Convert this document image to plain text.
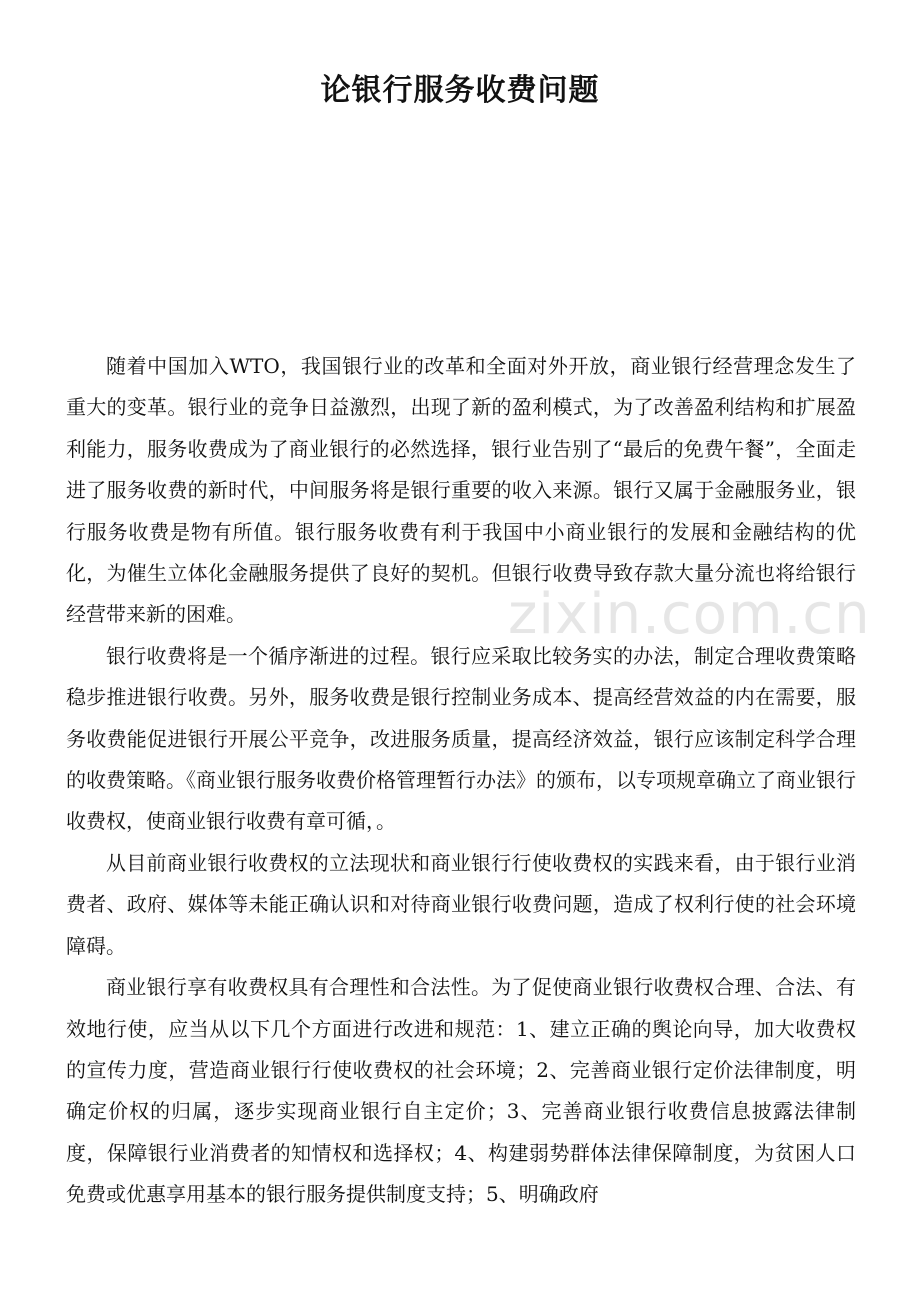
论银行服务收费问题
zixin.com.cn

随着中国加入WTO，我国银行业的改革和全面对外开放，商业银行经营理念发生了重大的变革。银行业的竞争日益激烈，出现了新的盈利模式，为了改善盈利结构和扩展盈利能力，服务收费成为了商业银行的必然选择，银行业告别了“最后的免费午餐”，全面走进了服务收费的新时代，中间服务将是银行重要的收入来源。银行又属于金融服务业，银行服务收费是物有所值。银行服务收费有利于我国中小商业银行的发展和金融结构的优化，为催生立体化金融服务提供了良好的契机。但银行收费导致存款大量分流也将给银行经营带来新的困难。

银行收费将是一个循序渐进的过程。银行应采取比较务实的办法，制定合理收费策略稳步推进银行收费。另外，服务收费是银行控制业务成本、提高经营效益的内在需要，服务收费能促进银行开展公平竞争，改进服务质量，提高经济效益，银行应该制定科学合理的收费策略。《商业银行服务收费价格管理暂行办法》的颁布，以专项规章确立了商业银行收费权，使商业银行收费有章可循，。

从目前商业银行收费权的立法现状和商业银行行使收费权的实践来看，由于银行业消费者、政府、媒体等未能正确认识和对待商业银行收费问题，造成了权利行使的社会环境障碍。

商业银行享有收费权具有合理性和合法性。为了促使商业银行收费权合理、合法、有效地行使，应当从以下几个方面进行改进和规范：1、建立正确的舆论向导，加大收费权的宣传力度，营造商业银行行使收费权的社会环境；2、完善商业银行定价法律制度，明确定价权的归属，逐步实现商业银行自主定价；3、完善商业银行收费信息披露法律制度，保障银行业消费者的知情权和选择权；4、构建弱势群体法律保障制度，为贫困人口免费或优惠享用基本的银行服务提供制度支持；5、明确政府
